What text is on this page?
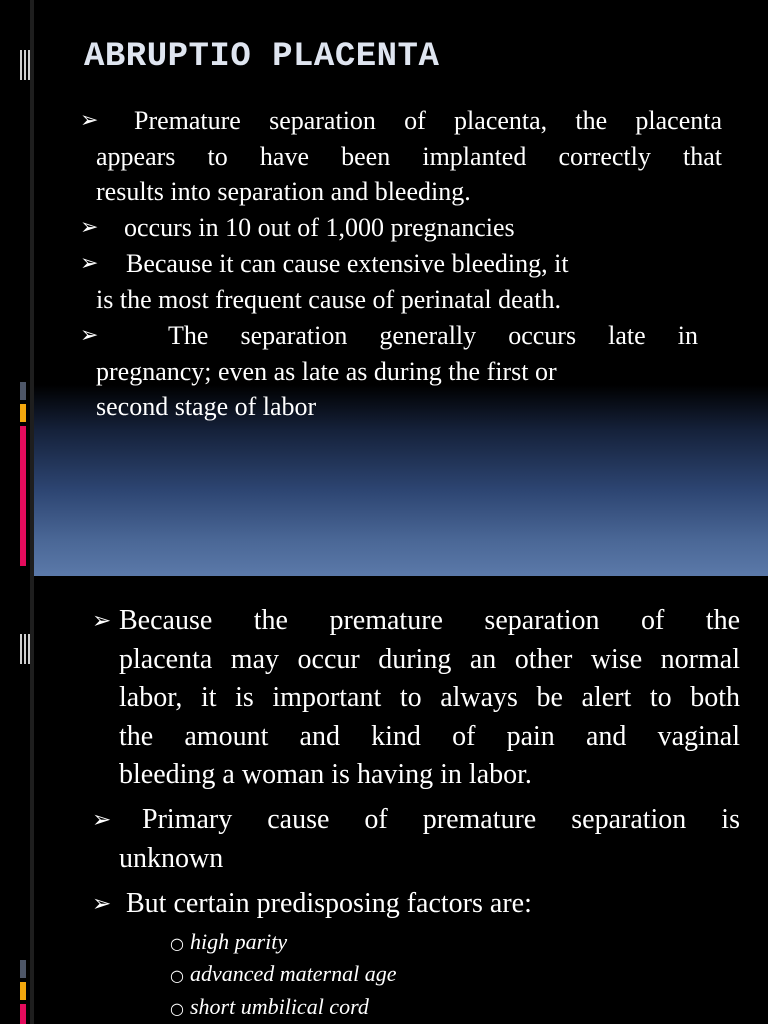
ABRUPTIO PLACENTA
➢	Premature separation of placenta, the placenta
appears to have been implanted correctly that
results into separation and bleeding.
➢ occurs in 10 out of 1,000 pregnancies
➢	Because it can cause extensive bleeding, it
is the most frequent cause of perinatal death.
➢	The separation generally occurs late in
pregnancy; even as late as during the first or
second stage of labor
➢ Because the premature separation of the
placenta may occur during an other wise normal
labor, it is important to always be alert to both
the amount and kind of pain and vaginal
bleeding a woman is having in labor.
➢	Primary cause of premature separation is
unknown
➢ But certain predisposing factors are:
○ high parity
○ advanced maternal age
○ short umbilical cord
